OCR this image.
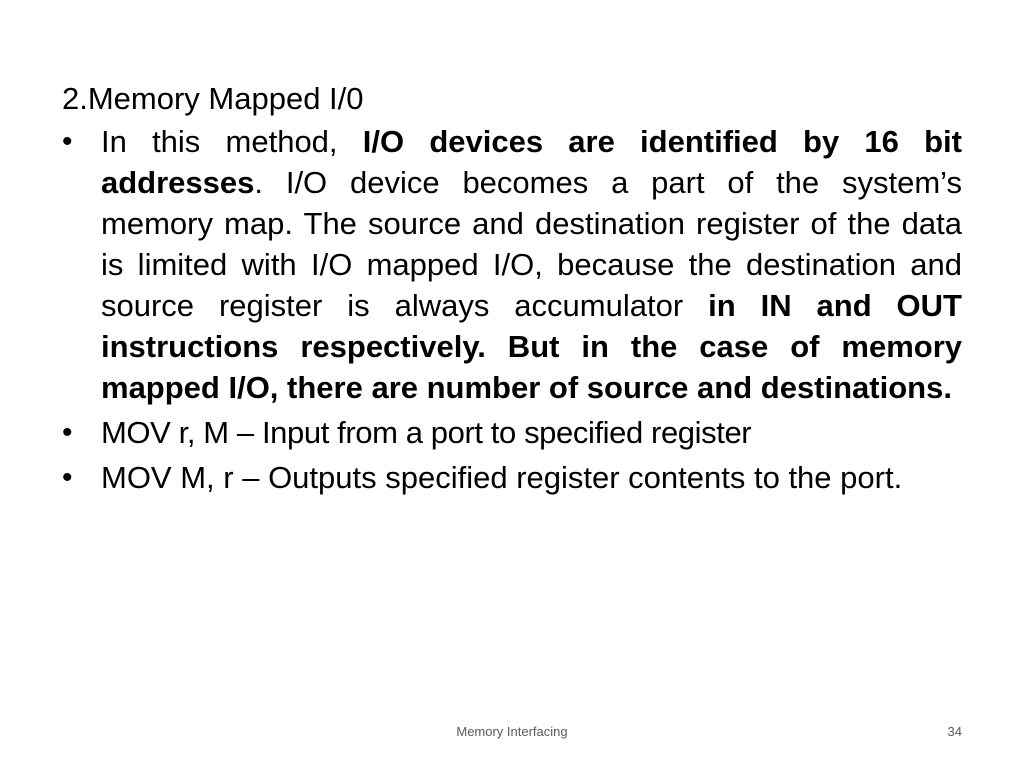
2.Memory Mapped I/0
• In this method, I/O devices are identified by 16 bit addresses. I/O device becomes a part of the system’s memory map. The source and destination register of the data is limited with I/O mapped I/O, because the destination and source register is always accumulator in IN and OUT instructions respectively. But in the case of memory mapped I/O, there are number of source and destinations.
• MOV r, M – Input from a port to specified register
• MOV M, r – Outputs specified register contents to the port.
Memory Interfacing	34
